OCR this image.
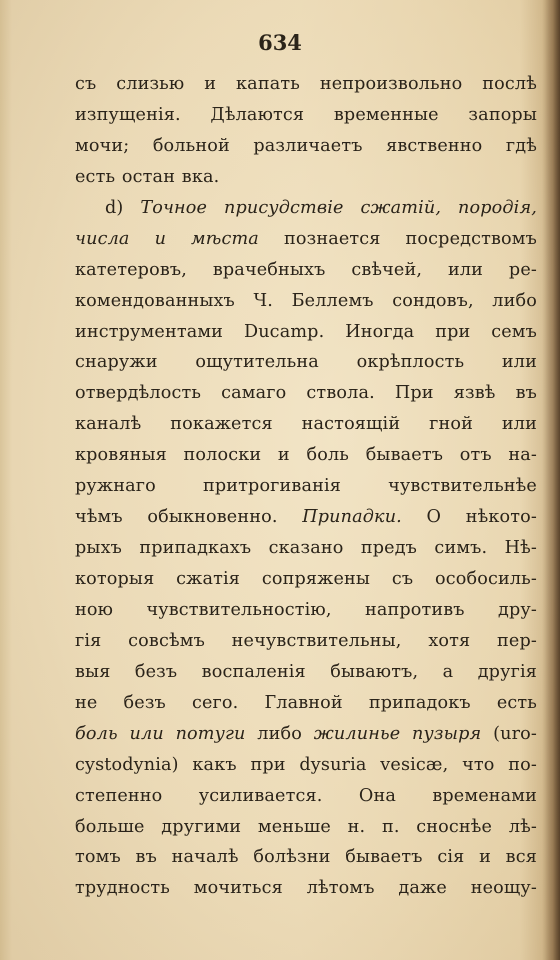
634
съ слизью и капать непроизвольно послѣ
изпущенія. Дѣлаются временные запоры
мочи; больной различаетъ явственно гдѣ
есть остан вка.
d) Точное присудствіе сжатій, породія,
числа и мѣста познается посредствомъ
катетеровъ, врачебныхъ свѣчей, или ре-
комендованныхъ Ч. Беллемъ сондовъ, либо
инструментами Ducamp. Иногда при семъ
снаружи ощутительна окрѣплость или
отвердѣлость самаго ствола. При язвѣ въ
каналѣ покажется настоящій гной или
кровяныя полоски и боль бываетъ отъ на-
ружнаго притрогиванія чувствительнѣе
чѣмъ обыкновенно. Припадки. О нѣкото-
рыхъ припадкахъ сказано предъ симъ. Нѣ-
которыя сжатія сопряжены съ особосиль-
ною чувствительностію, напротивъ дру-
гія совсѣмъ нечувствительны, хотя пер-
выя безъ воспаленія бываютъ, а другія
не безъ сего. Главной припадокъ есть
боль или потуги либо жилинье пузыря (uro-
cystodynia) какъ при dysuria vesicæ, что по-
степенно усиливается. Она временами
больше другими меньше н. п. сноснѣе лѣ-
томъ въ началѣ болѣзни бываетъ сія и вся
трудность мочиться лѣтомъ даже неощу-
